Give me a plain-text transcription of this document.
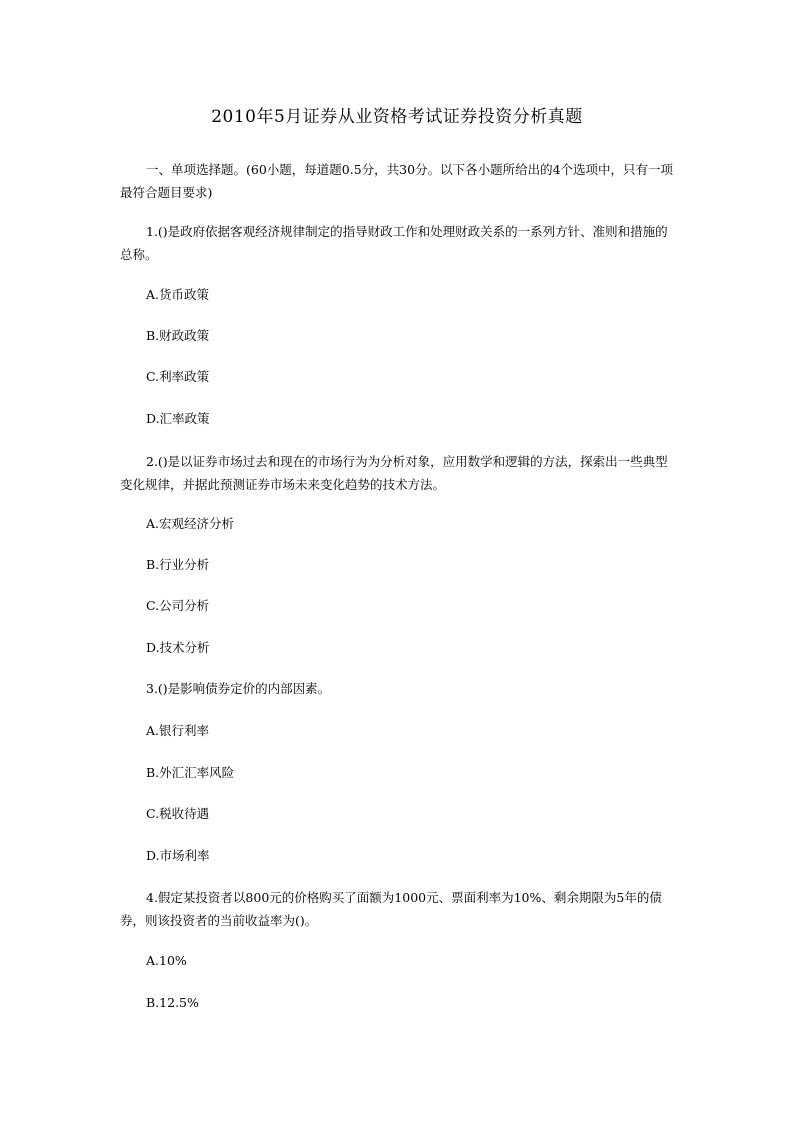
2010年5月证券从业资格考试证券投资分析真题
一、单项选择题。(60小题，每道题0.5分，共30分。以下各小题所给出的4个选项中，只有一项最符合题目要求)
1.()是政府依据客观经济规律制定的指导财政工作和处理财政关系的一系列方针、准则和措施的总称。
A.货币政策
B.财政政策
C.利率政策
D.汇率政策
2.()是以证券市场过去和现在的市场行为为分析对象，应用数学和逻辑的方法，探索出一些典型变化规律，并据此预测证券市场未来变化趋势的技术方法。
A.宏观经济分析
B.行业分析
C.公司分析
D.技术分析
3.()是影响债券定价的内部因素。
A.银行利率
B.外汇汇率风险
C.税收待遇
D.市场利率
4.假定某投资者以800元的价格购买了面额为1000元、票面利率为10%、剩余期限为5年的债券，则该投资者的当前收益率为()。
A.10%
B.12.5%
